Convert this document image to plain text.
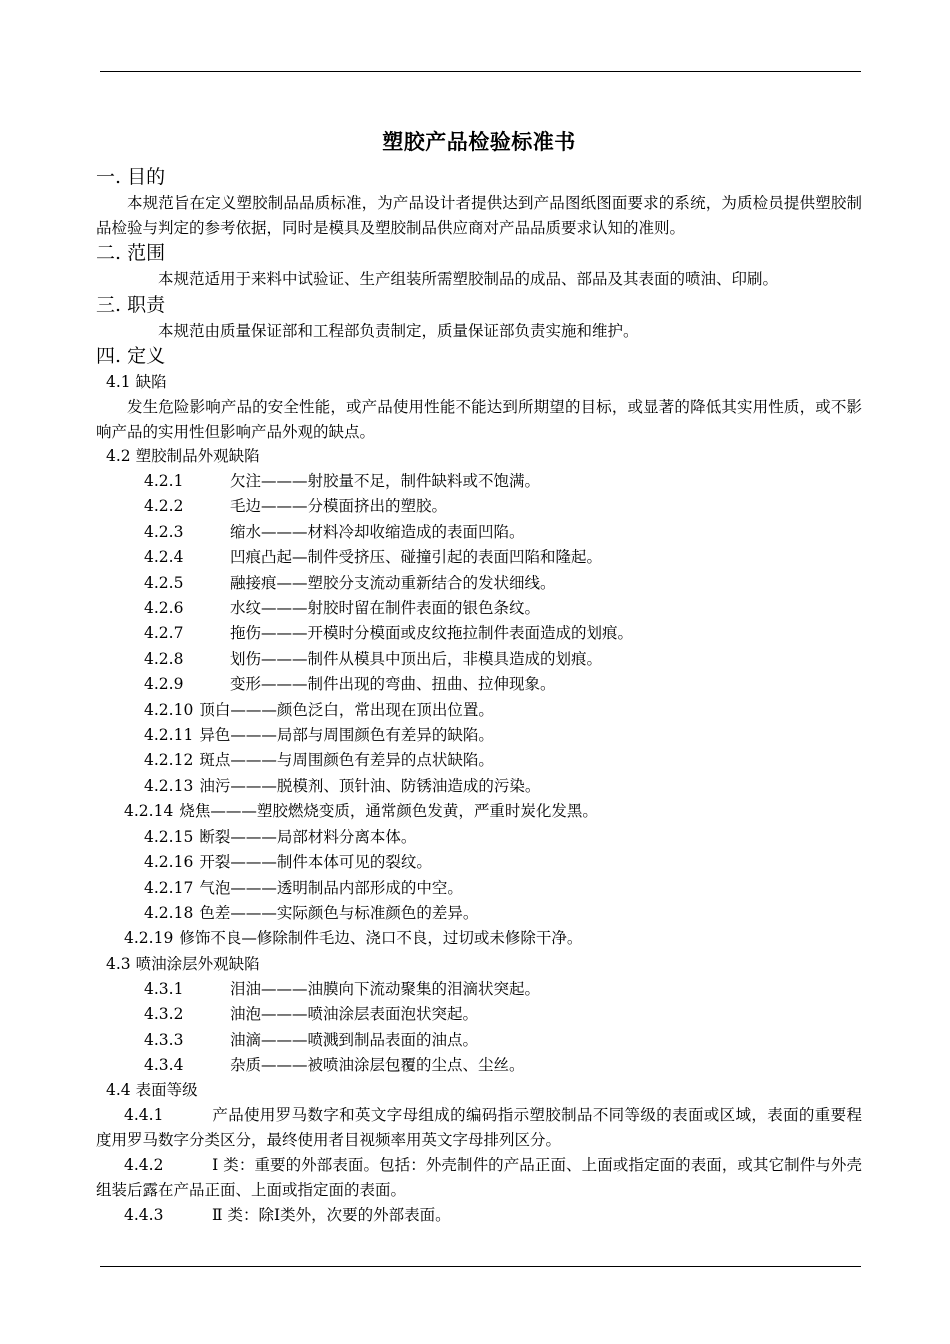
塑胶产品检验标准书
一. 目的
本规范旨在定义塑胶制品品质标准，为产品设计者提供达到产品图纸图面要求的系统，为质检员提供塑胶制品检验与判定的参考依据，同时是模具及塑胶制品供应商对产品品质要求认知的准则。
二. 范围
本规范适用于来料中试验证、生产组装所需塑胶制品的成品、部品及其表面的喷油、印刷。
三. 职责
本规范由质量保证部和工程部负责制定，质量保证部负责实施和维护。
四. 定义
4.1 缺陷
发生危险影响产品的安全性能，或产品使用性能不能达到所期望的目标，或显著的降低其实用性质，或不影响产品的实用性但影响产品外观的缺点。
4.2 塑胶制品外观缺陷
4.2.1	欠注———射胶量不足，制件缺料或不饱满。
4.2.2	毛边———分模面挤出的塑胶。
4.2.3	缩水———材料冷却收缩造成的表面凹陷。
4.2.4	凹痕凸起—制件受挤压、碰撞引起的表面凹陷和隆起。
4.2.5	融接痕——塑胶分支流动重新结合的发状细线。
4.2.6	水纹———射胶时留在制件表面的银色条纹。
4.2.7	拖伤———开模时分模面或皮纹拖拉制件表面造成的划痕。
4.2.8	划伤———制件从模具中顶出后，非模具造成的划痕。
4.2.9	变形———制件出现的弯曲、扭曲、拉伸现象。
4.2.10 顶白———颜色泛白，常出现在顶出位置。
4.2.11 异色———局部与周围颜色有差异的缺陷。
4.2.12 斑点———与周围颜色有差异的点状缺陷。
4.2.13 油污———脱模剂、顶针油、防锈油造成的污染。
4.2.14 烧焦———塑胶燃烧变质，通常颜色发黄，严重时炭化发黑。
4.2.15 断裂———局部材料分离本体。
4.2.16 开裂———制件本体可见的裂纹。
4.2.17 气泡———透明制品内部形成的中空。
4.2.18 色差———实际颜色与标准颜色的差异。
4.2.19 修饰不良—修除制件毛边、浇口不良，过切或未修除干净。
4.3 喷油涂层外观缺陷
4.3.1	泪油———油膜向下流动聚集的泪滴状突起。
4.3.2	油泡———喷油涂层表面泡状突起。
4.3.3	油滴———喷溅到制品表面的油点。
4.3.4	杂质———被喷油涂层包覆的尘点、尘丝。
4.4 表面等级
4.4.1	产品使用罗马数字和英文字母组成的编码指示塑胶制品不同等级的表面或区域，表面的重要程度用罗马数字分类区分，最终使用者目视频率用英文字母排列区分。
4.4.2	Ⅰ 类：重要的外部表面。包括：外壳制件的产品正面、上面或指定面的表面，或其它制件与外壳组装后露在产品正面、上面或指定面的表面。
4.4.3	Ⅱ 类：除Ⅰ类外，次要的外部表面。
